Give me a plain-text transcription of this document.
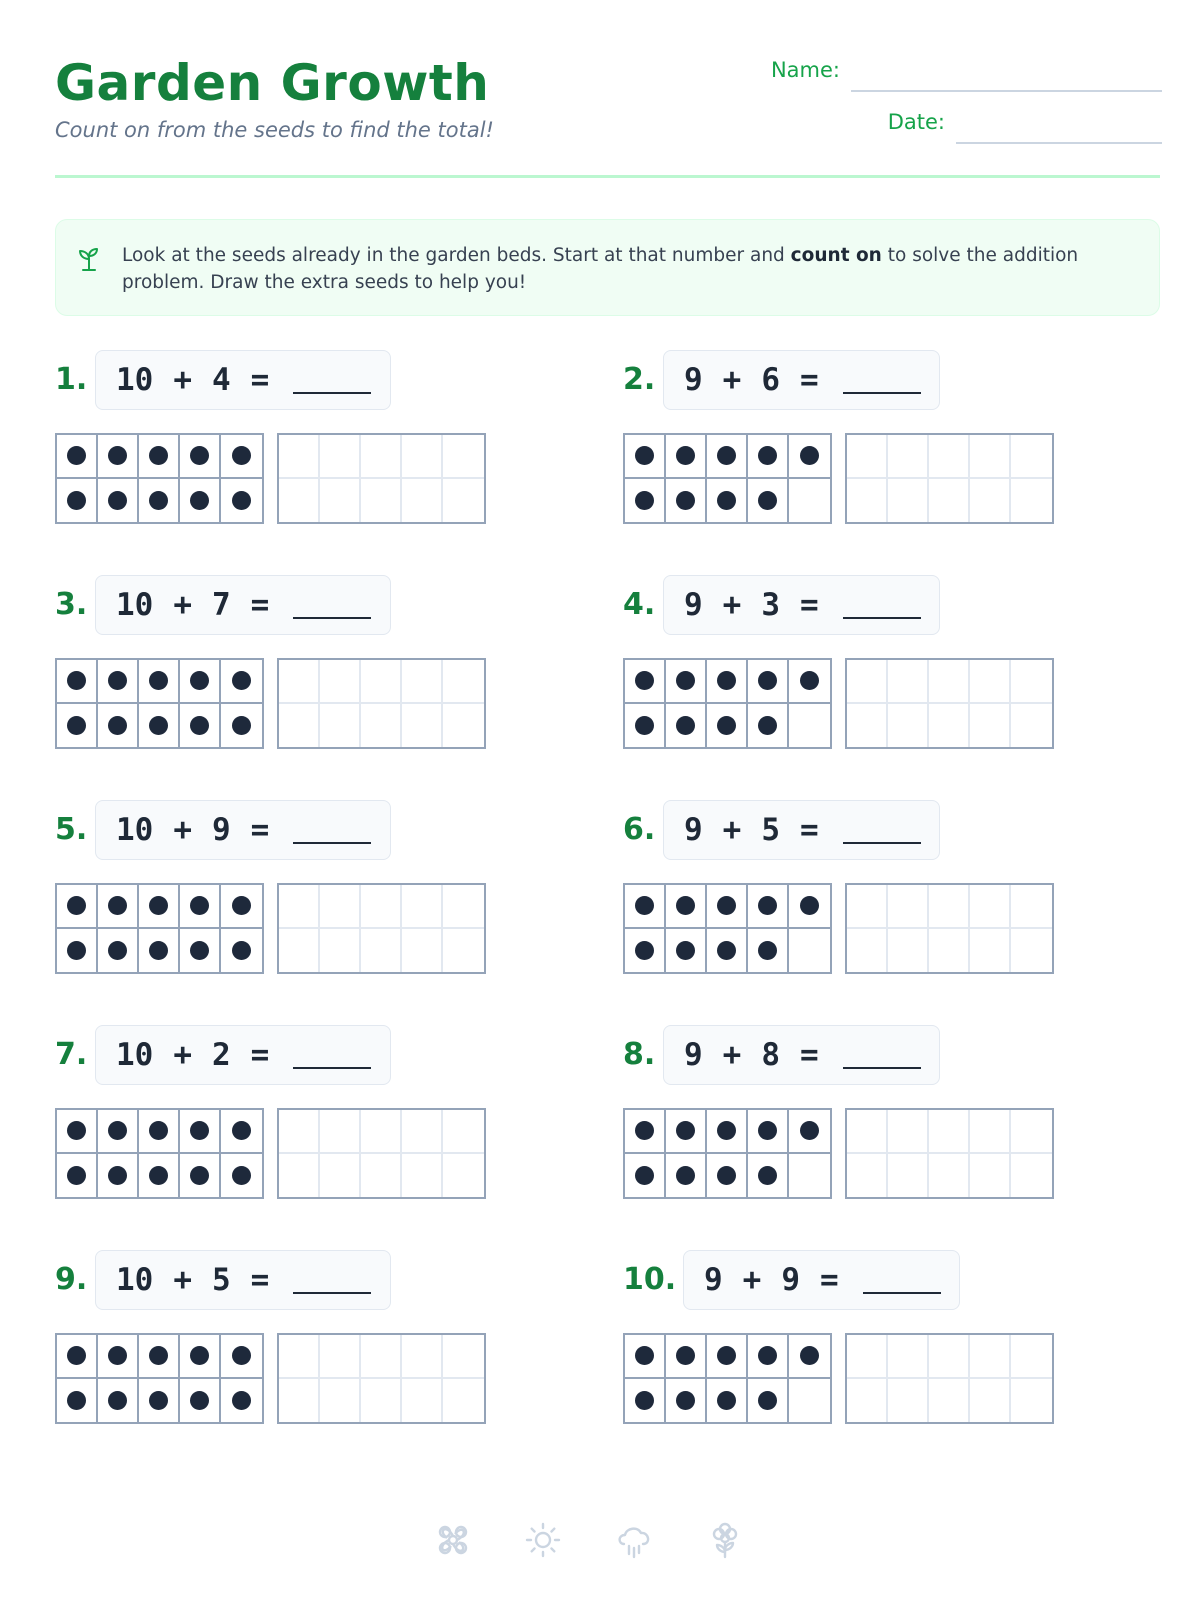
Garden Growth
Count on from the seeds to find the total!
Name:
Date:
Look at the seeds already in the garden beds. Start at that number and count on to solve the addition problem. Draw the extra seeds to help you!
1. 10 + 4 =	2. 9 + 6 =
3. 10 + 7 =	4. 9 + 3 =
5. 10 + 9 =	6. 9 + 5 =
7. 10 + 2 =	8. 9 + 8 =
9. 10 + 5 =	10. 9 + 9 =
